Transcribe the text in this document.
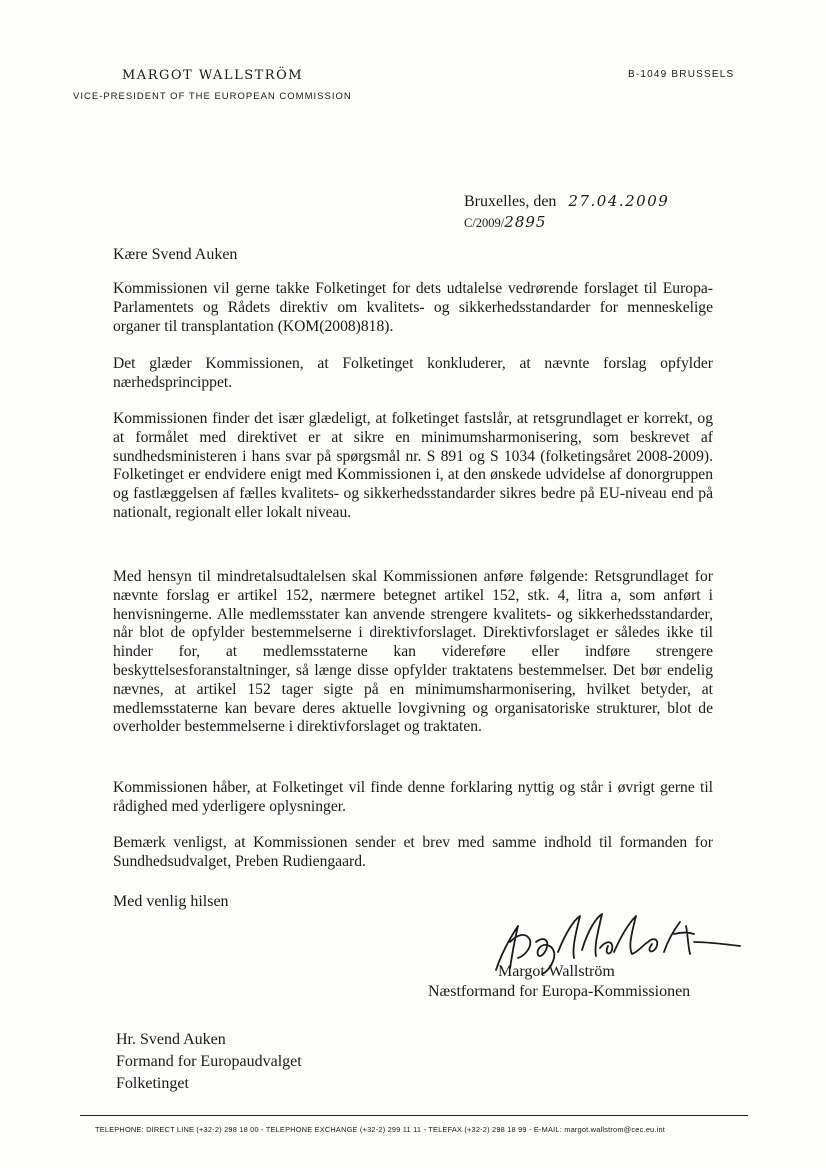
MARGOT WALLSTRÖM
VICE-PRESIDENT OF THE EUROPEAN COMMISSION
B-1049 BRUSSELS
Bruxelles, den 27.04.2009
C/2009/2895
Kære Svend Auken

Kommissionen vil gerne takke Folketinget for dets udtalelse vedrørende forslaget til Europa-Parlamentets og Rådets direktiv om kvalitets- og sikkerhedsstandarder for menneskelige organer til transplantation (KOM(2008)818).

Det glæder Kommissionen, at Folketinget konkluderer, at nævnte forslag opfylder nærhedsprincippet.

Kommissionen finder det især glædeligt, at folketinget fastslår, at retsgrundlaget er korrekt, og at formålet med direktivet er at sikre en minimumsharmonisering, som beskrevet af sundhedsministeren i hans svar på spørgsmål nr. S 891 og S 1034 (folketingsåret 2008-2009). Folketinget er endvidere enigt med Kommissionen i, at den ønskede udvidelse af donorgruppen og fastlæggelsen af fælles kvalitets- og sikkerhedsstandarder sikres bedre på EU-niveau end på nationalt, regionalt eller lokalt niveau.

Med hensyn til mindretalsudtalelsen skal Kommissionen anføre følgende: Retsgrundlaget for nævnte forslag er artikel 152, nærmere betegnet artikel 152, stk. 4, litra a, som anført i henvisningerne. Alle medlemsstater kan anvende strengere kvalitets- og sikkerhedsstandarder, når blot de opfylder bestemmelserne i direktivforslaget. Direktivforslaget er således ikke til hinder for, at medlemsstaterne kan videreføre eller indføre strengere beskyttelsesforanstaltninger, så længe disse opfylder traktatens bestemmelser. Det bør endelig nævnes, at artikel 152 tager sigte på en minimumsharmonisering, hvilket betyder, at medlemsstaterne kan bevare deres aktuelle lovgivning og organisatoriske strukturer, blot de overholder bestemmelserne i direktivforslaget og traktaten.

Kommissionen håber, at Folketinget vil finde denne forklaring nyttig og står i øvrigt gerne til rådighed med yderligere oplysninger.

Bemærk venligst, at Kommissionen sender et brev med samme indhold til formanden for Sundhedsudvalget, Preben Rudiengaard.

Med venlig hilsen
Margot Wallström
Næstformand for Europa-Kommissionen
Hr. Svend Auken
Formand for Europaudvalget
Folketinget
TELEPHONE: DIRECT LINE (+32-2) 298 18 00 - TELEPHONE EXCHANGE (+32-2) 299 11 11 - TELEFAX (+32-2) 298 18 99 - E-MAIL: margot.wallstrom@cec.eu.int
